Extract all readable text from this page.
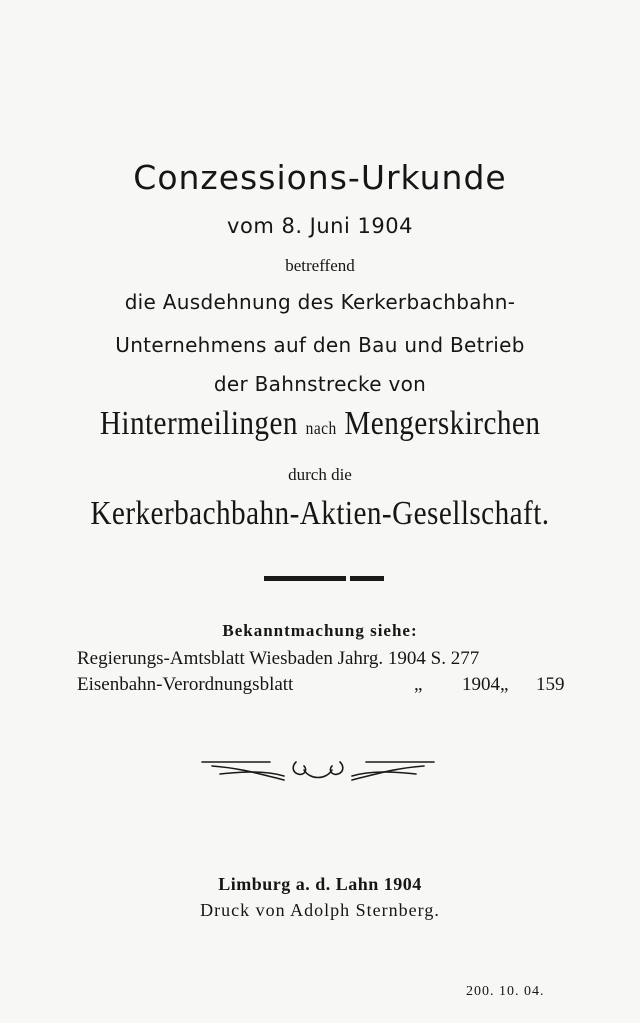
Conzessions-Urkunde
vom 8. Juni 1904
betreffend
die Ausdehnung des Kerkerbachbahn-
Unternehmens auf den Bau und Betrieb
der Bahnstrecke von
Hintermeilingen nach Mengerskirchen
durch die
Kerkerbachbahn-Aktien-Gesellschaft.
Bekanntmachung siehe:
Regierungs-Amtsblatt Wiesbaden Jahrg. 1904 S. 277
Eisenbahn-Verordnungsblatt	„ 1904 „ 159
Limburg a. d. Lahn 1904
Druck von Adolph Sternberg.
200. 10. 04.
